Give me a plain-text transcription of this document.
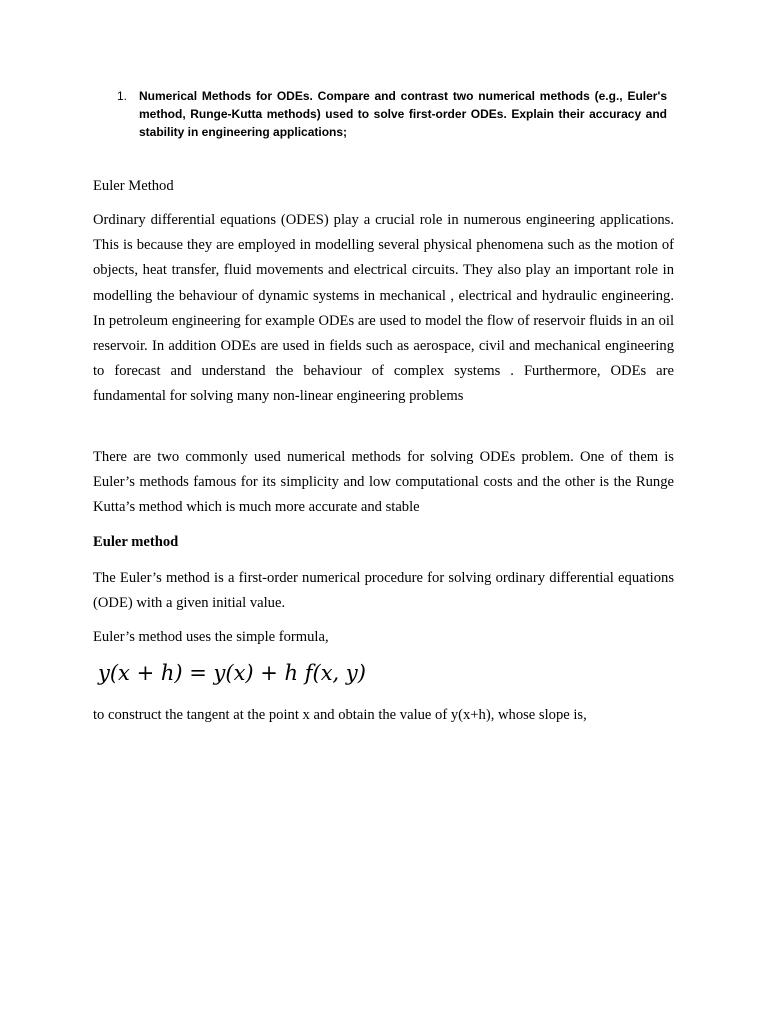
1. Numerical Methods for ODEs. Compare and contrast two numerical methods (e.g., Euler's method, Runge-Kutta methods) used to solve first-order ODEs. Explain their accuracy and stability in engineering applications;
Euler Method

Ordinary differential equations (ODES) play a crucial role in numerous engineering applications. This is because they are employed in modelling several physical phenomena such as the motion of objects, heat transfer, fluid movements and electrical circuits. They also play an important role in modelling the behaviour of dynamic systems in mechanical , electrical and hydraulic engineering. In petroleum engineering for example ODEs are used to model the flow of reservoir fluids in an oil reservoir. In addition ODEs are used in fields such as aerospace, civil and mechanical engineering to forecast and understand the behaviour of complex systems . Furthermore, ODEs are fundamental for solving many non-linear engineering problems

There are two commonly used numerical methods for solving ODEs problem. One of them is Euler’s methods famous for its simplicity and low computational costs and the other is the Runge Kutta’s method which is much more accurate and stable

Euler method

The Euler’s method is a first-order numerical procedure for solving ordinary differential equations (ODE) with a given initial value.

Euler’s method uses the simple formula,
y(x + h) = y(x) + h f(x, y)
to construct the tangent at the point x and obtain the value of y(x+h), whose slope is,
